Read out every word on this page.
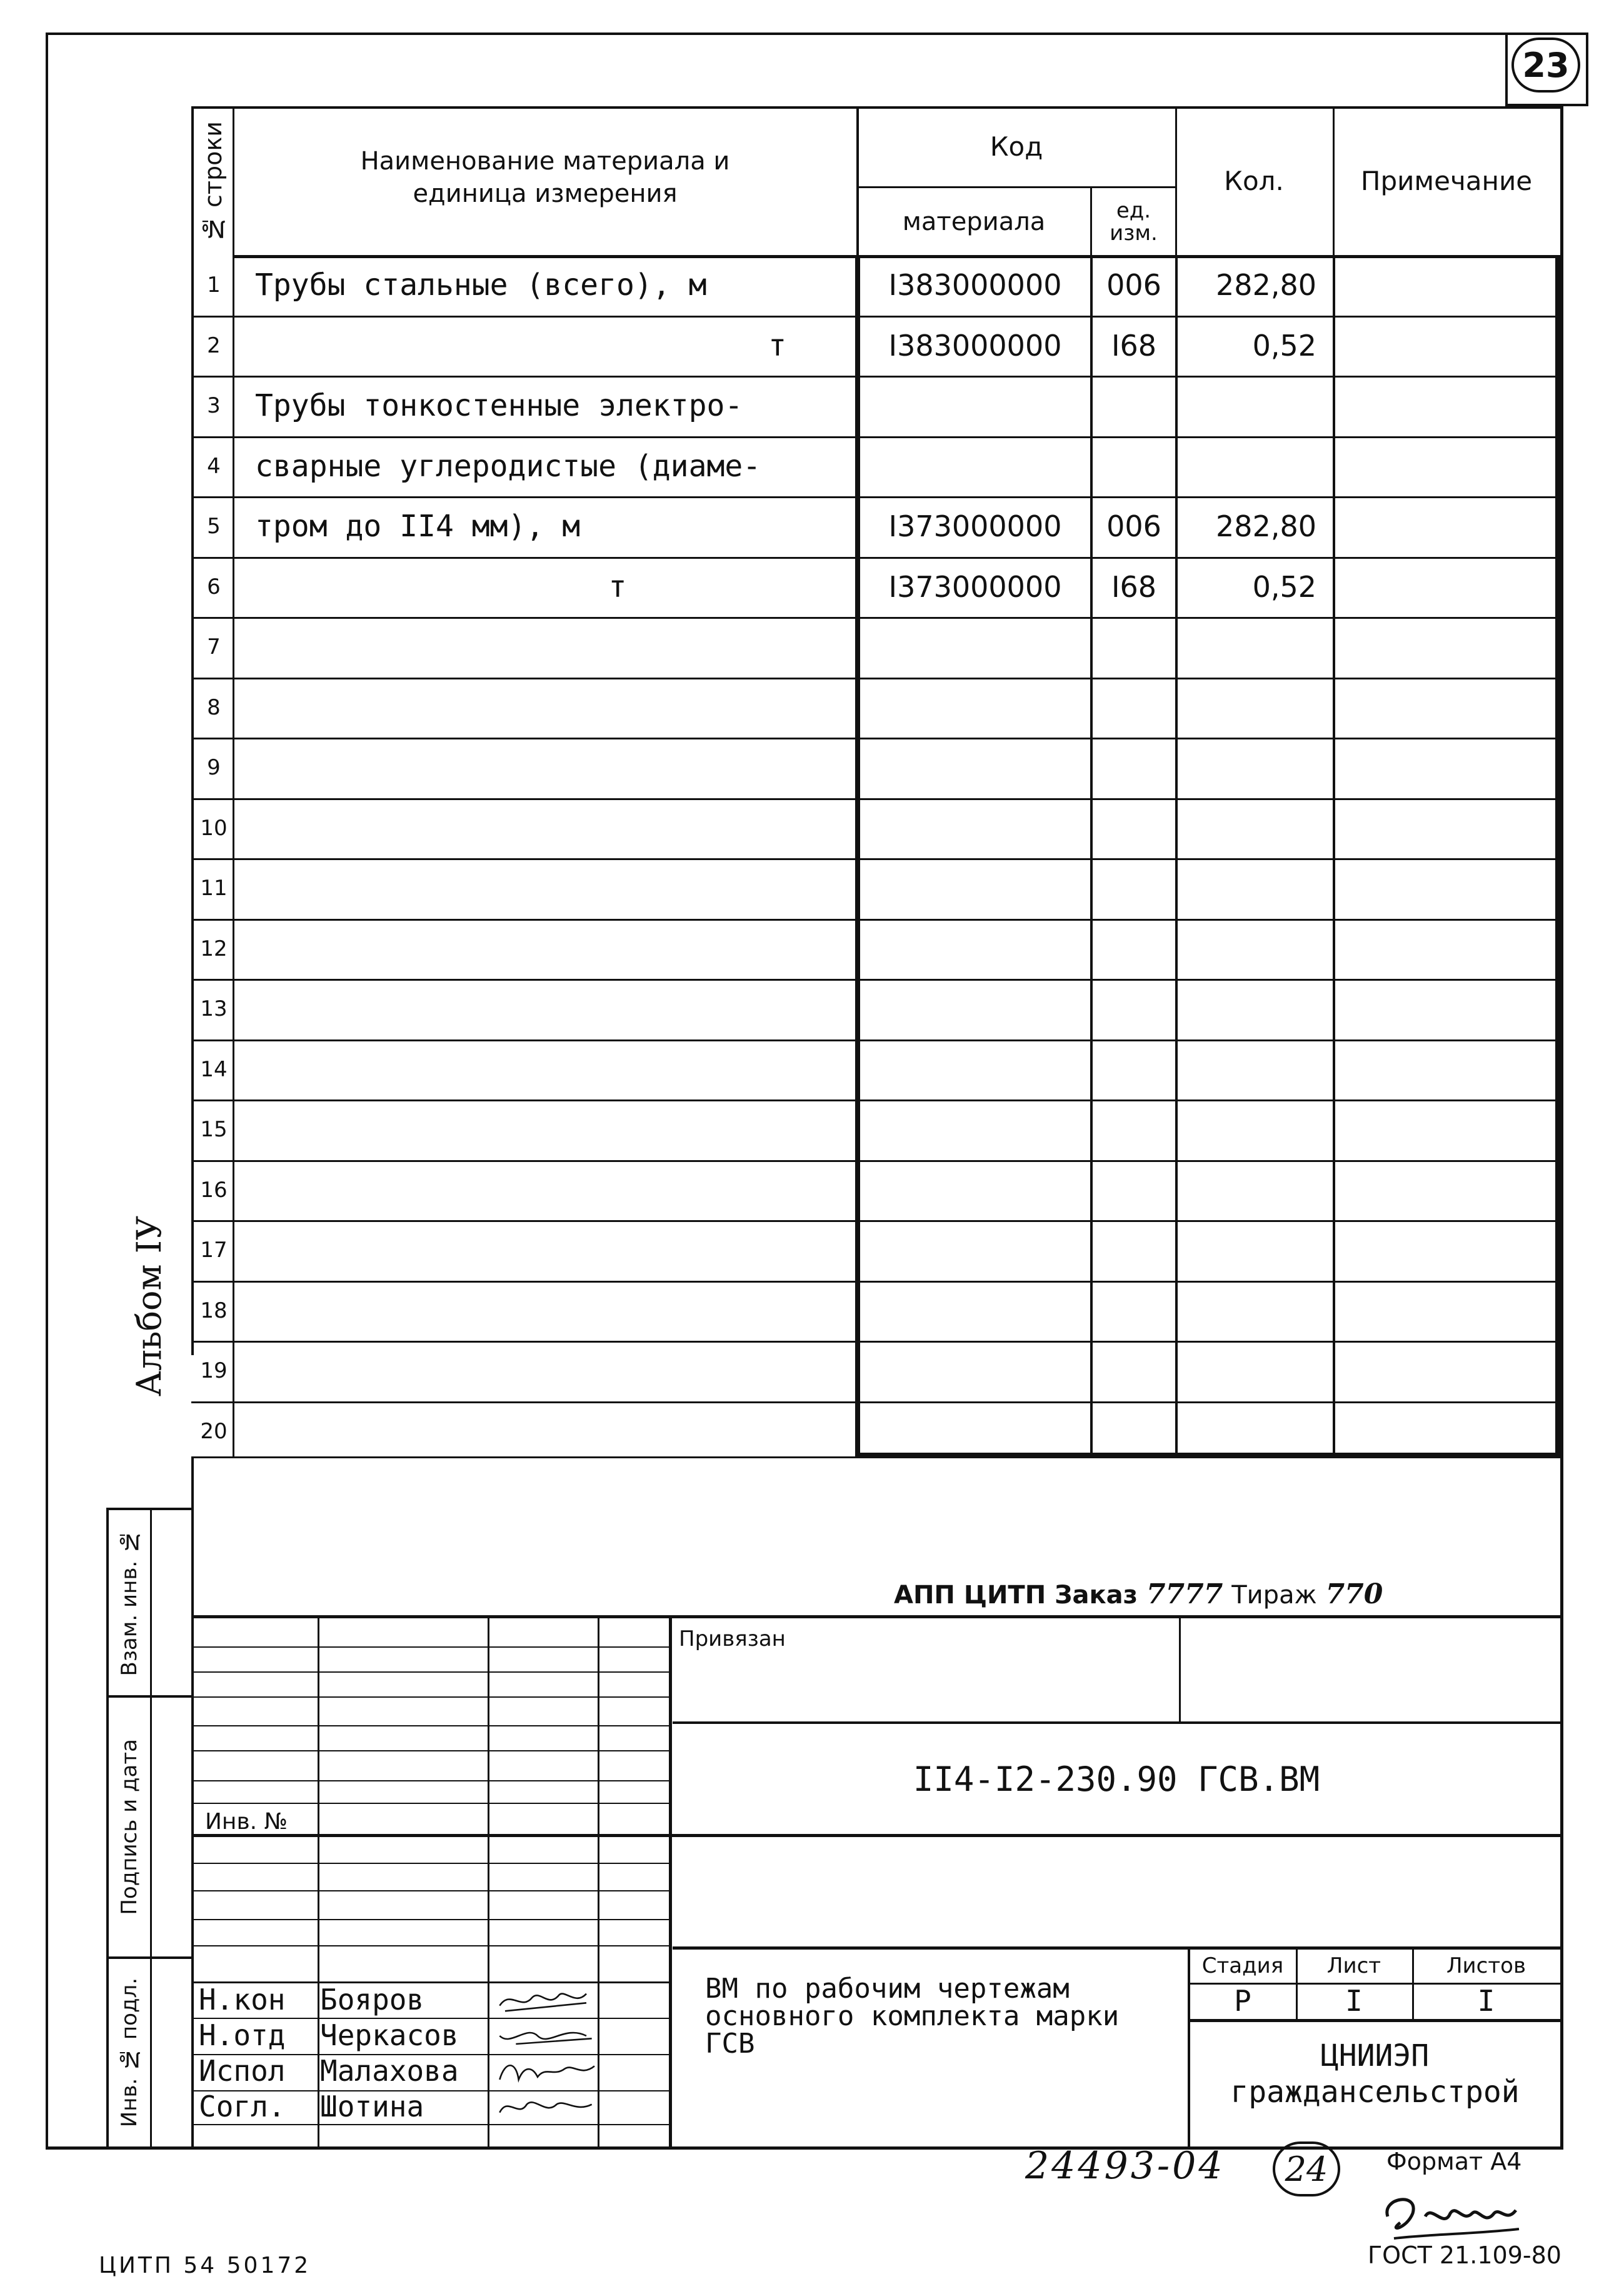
23
№ строки	Наименование материала и единица измерения
Код
материала	ед. изм.
Кол.	Примечание
1	Трубы стальные (всего), м	I383000000	006	282,80
2	т	I383000000	I68	0,52
3	Трубы тонкостенные электро-
4	сварные углеродистые (диаме-
5	тром до II4 мм), м	I373000000	006	282,80
6	т	I373000000	I68	0,52
7
8
9
10
11
12
13
14
15
16
17
18
19
20
Альбом IУ
Взам. инв. №
Подпись и дата
Инв. № подл.
АПП ЦИТП Заказ 7777 Тираж 770
Н.кон	Бояров
Н.отд	Черкасов
Испол	Малахова
Согл.	Шотина
Привязан
Инв. №
II4-I2-230.90 ГСВ.ВМ
ВМ по рабочим чертежам основного комплекта марки ГСВ
Стадия	Лист	Листов
Р	I	I
ЦНИИЭП
граждансельстрой
24493-04 24 Формат А4
ГОСТ 21.109-80
ЦИТП 54 50172
